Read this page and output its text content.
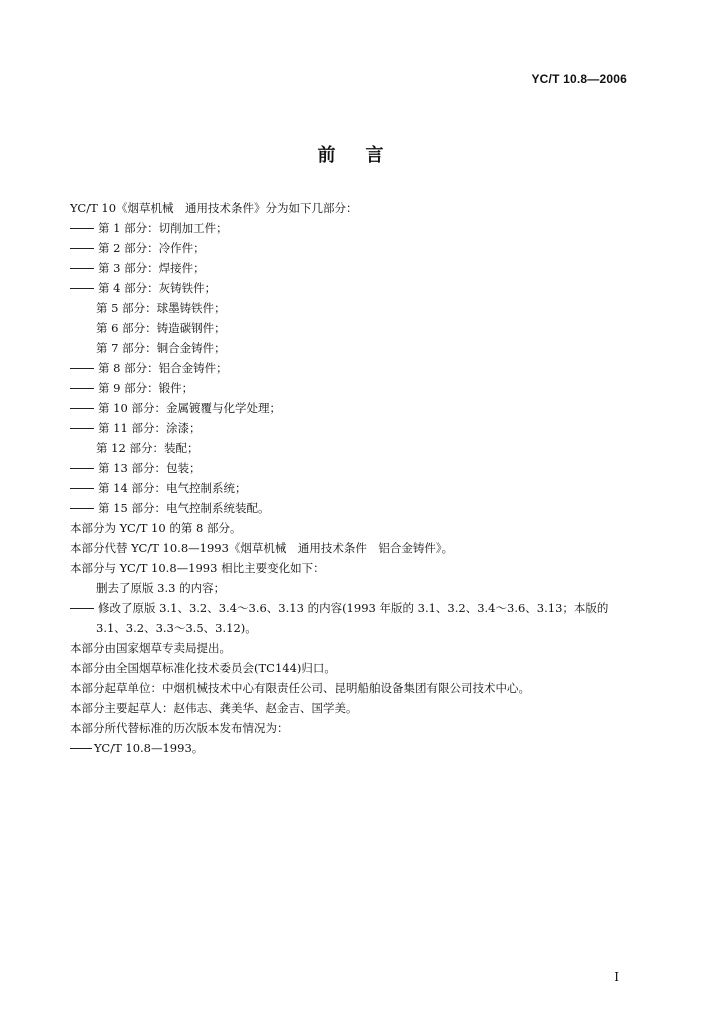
YC/T 10.8—2006
前言
YC/T 10《烟草机械　通用技术条件》分为如下几部分：
第 1 部分：切削加工件；
第 2 部分：冷作件；
第 3 部分：焊接件；
第 4 部分：灰铸铁件；
第 5 部分：球墨铸铁件；
第 6 部分：铸造碳钢件；
第 7 部分：铜合金铸件；
第 8 部分：铝合金铸件；
第 9 部分：锻件；
第 10 部分：金属镀覆与化学处理；
第 11 部分：涂漆；
第 12 部分：装配；
第 13 部分：包装；
第 14 部分：电气控制系统；
第 15 部分：电气控制系统装配。
本部分为 YC/T 10 的第 8 部分。
本部分代替 YC/T 10.8—1993《烟草机械　通用技术条件　铝合金铸件》。
本部分与 YC/T 10.8—1993 相比主要变化如下：
删去了原版 3.3 的内容；
修改了原版 3.1、3.2、3.4～3.6、3.13 的内容(1993 年版的 3.1、3.2、3.4～3.6、3.13；本版的
3.1、3.2、3.3～3.5、3.12)。
本部分由国家烟草专卖局提出。
本部分由全国烟草标准化技术委员会(TC144)归口。
本部分起草单位：中烟机械技术中心有限责任公司、昆明船舶设备集团有限公司技术中心。
本部分主要起草人：赵伟志、龚美华、赵金吉、国学美。
本部分所代替标准的历次版本发布情况为：
YC/T 10.8—1993。
I
